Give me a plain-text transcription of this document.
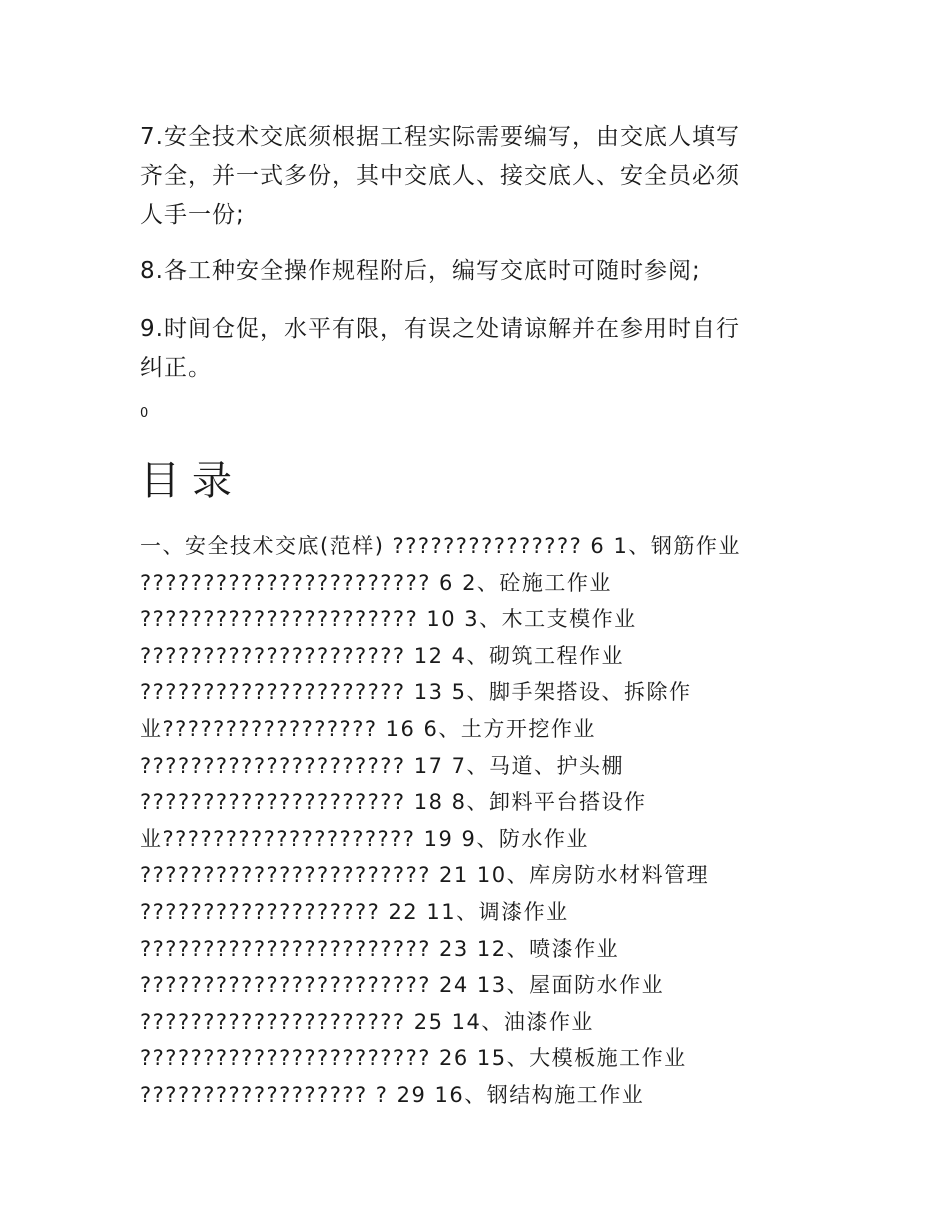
7.安全技术交底须根据工程实际需要编写，由交底人填写
齐全，并一式多份，其中交底人、接交底人、安全员必须
人手一份;
8.各工种安全操作规程附后，编写交底时可随时参阅;
9.时间仓促，水平有限，有误之处请谅解并在参用时自行
纠正。
0
目录
一、安全技术交底(范样) ??????????????? 6 1、钢筋作业
??????????????????????? 6 2、砼施工作业
?????????????????????? 10 3、木工支模作业
????????????????????? 12 4、砌筑工程作业
????????????????????? 13 5、脚手架搭设、拆除作
业????????????????? 16 6、土方开挖作业
????????????????????? 17 7、马道、护头棚
????????????????????? 18 8、卸料平台搭设作
业???????????????????? 19 9、防水作业
??????????????????????? 21 10、库房防水材料管理
??????????????????? 22 11、调漆作业
??????????????????????? 23 12、喷漆作业
??????????????????????? 24 13、屋面防水作业
????????????????????? 25 14、油漆作业
??????????????????????? 26 15、大模板施工作业
?????????????????? ? 29 16、钢结构施工作业
